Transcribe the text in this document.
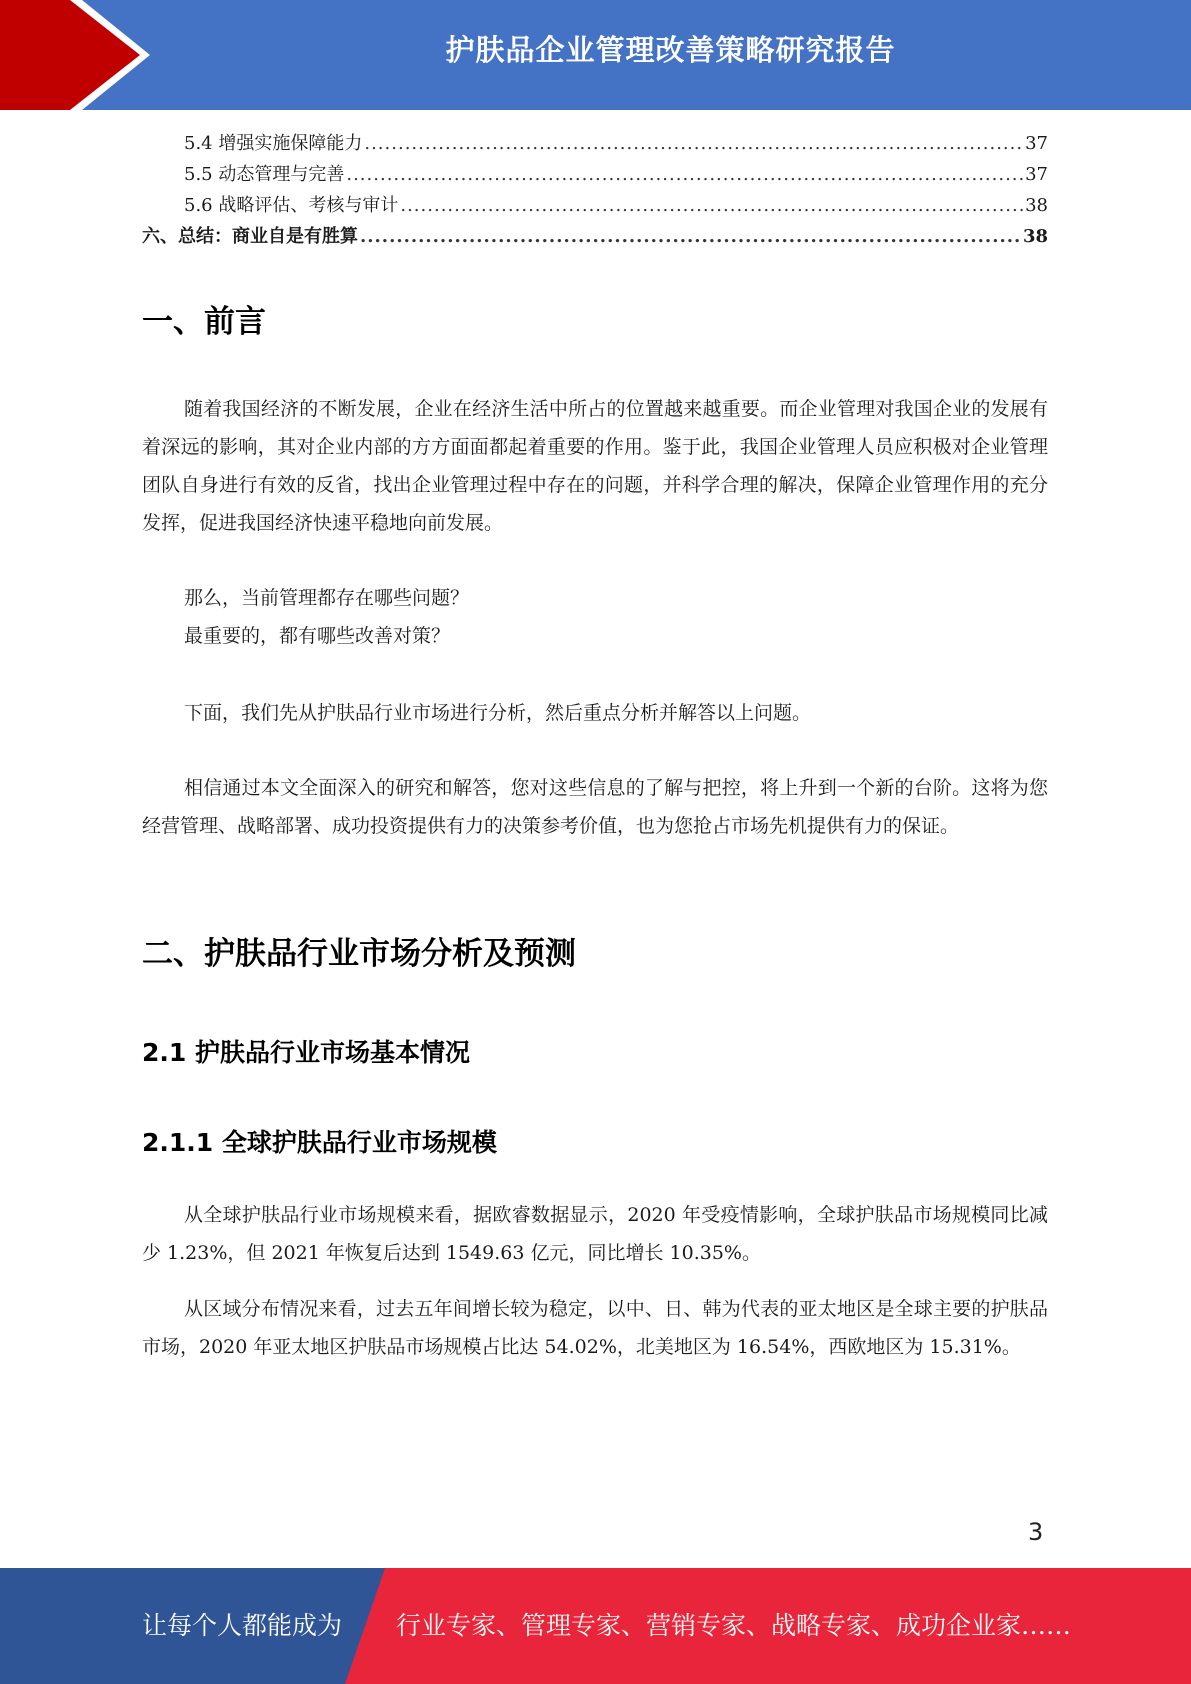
护肤品企业管理改善策略研究报告
5.4 增强实施保障能力 .....	37
5.5 动态管理与完善 .....	37
5.6 战略评估、考核与审计 .....	38
六、总结：商业自是有胜算 .....	38
一、前言

随着我国经济的不断发展，企业在经济生活中所占的位置越来越重要。而企业管理对我国企业的发展有着深远的影响，其对企业内部的方方面面都起着重要的作用。鉴于此，我国企业管理人员应积极对企业管理团队自身进行有效的反省，找出企业管理过程中存在的问题，并科学合理的解决，保障企业管理作用的充分发挥，促进我国经济快速平稳地向前发展。

那么，当前管理都存在哪些问题？
最重要的，都有哪些改善对策？

下面，我们先从护肤品行业市场进行分析，然后重点分析并解答以上问题。

相信通过本文全面深入的研究和解答，您对这些信息的了解与把控，将上升到一个新的台阶。这将为您经营管理、战略部署、成功投资提供有力的决策参考价值，也为您抢占市场先机提供有力的保证。

二、护肤品行业市场分析及预测
2.1 护肤品行业市场基本情况
2.1.1 全球护肤品行业市场规模

从全球护肤品行业市场规模来看，据欧睿数据显示，2020 年受疫情影响，全球护肤品市场规模同比减少 1.23%，但 2021 年恢复后达到 1549.63 亿元，同比增长 10.35%。

从区域分布情况来看，过去五年间增长较为稳定，以中、日、韩为代表的亚太地区是全球主要的护肤品市场，2020 年亚太地区护肤品市场规模占比达 54.02%，北美地区为 16.54%，西欧地区为 15.31%。

3
让每个人都能成为 行业专家、管理专家、营销专家、战略专家、成功企业家……
